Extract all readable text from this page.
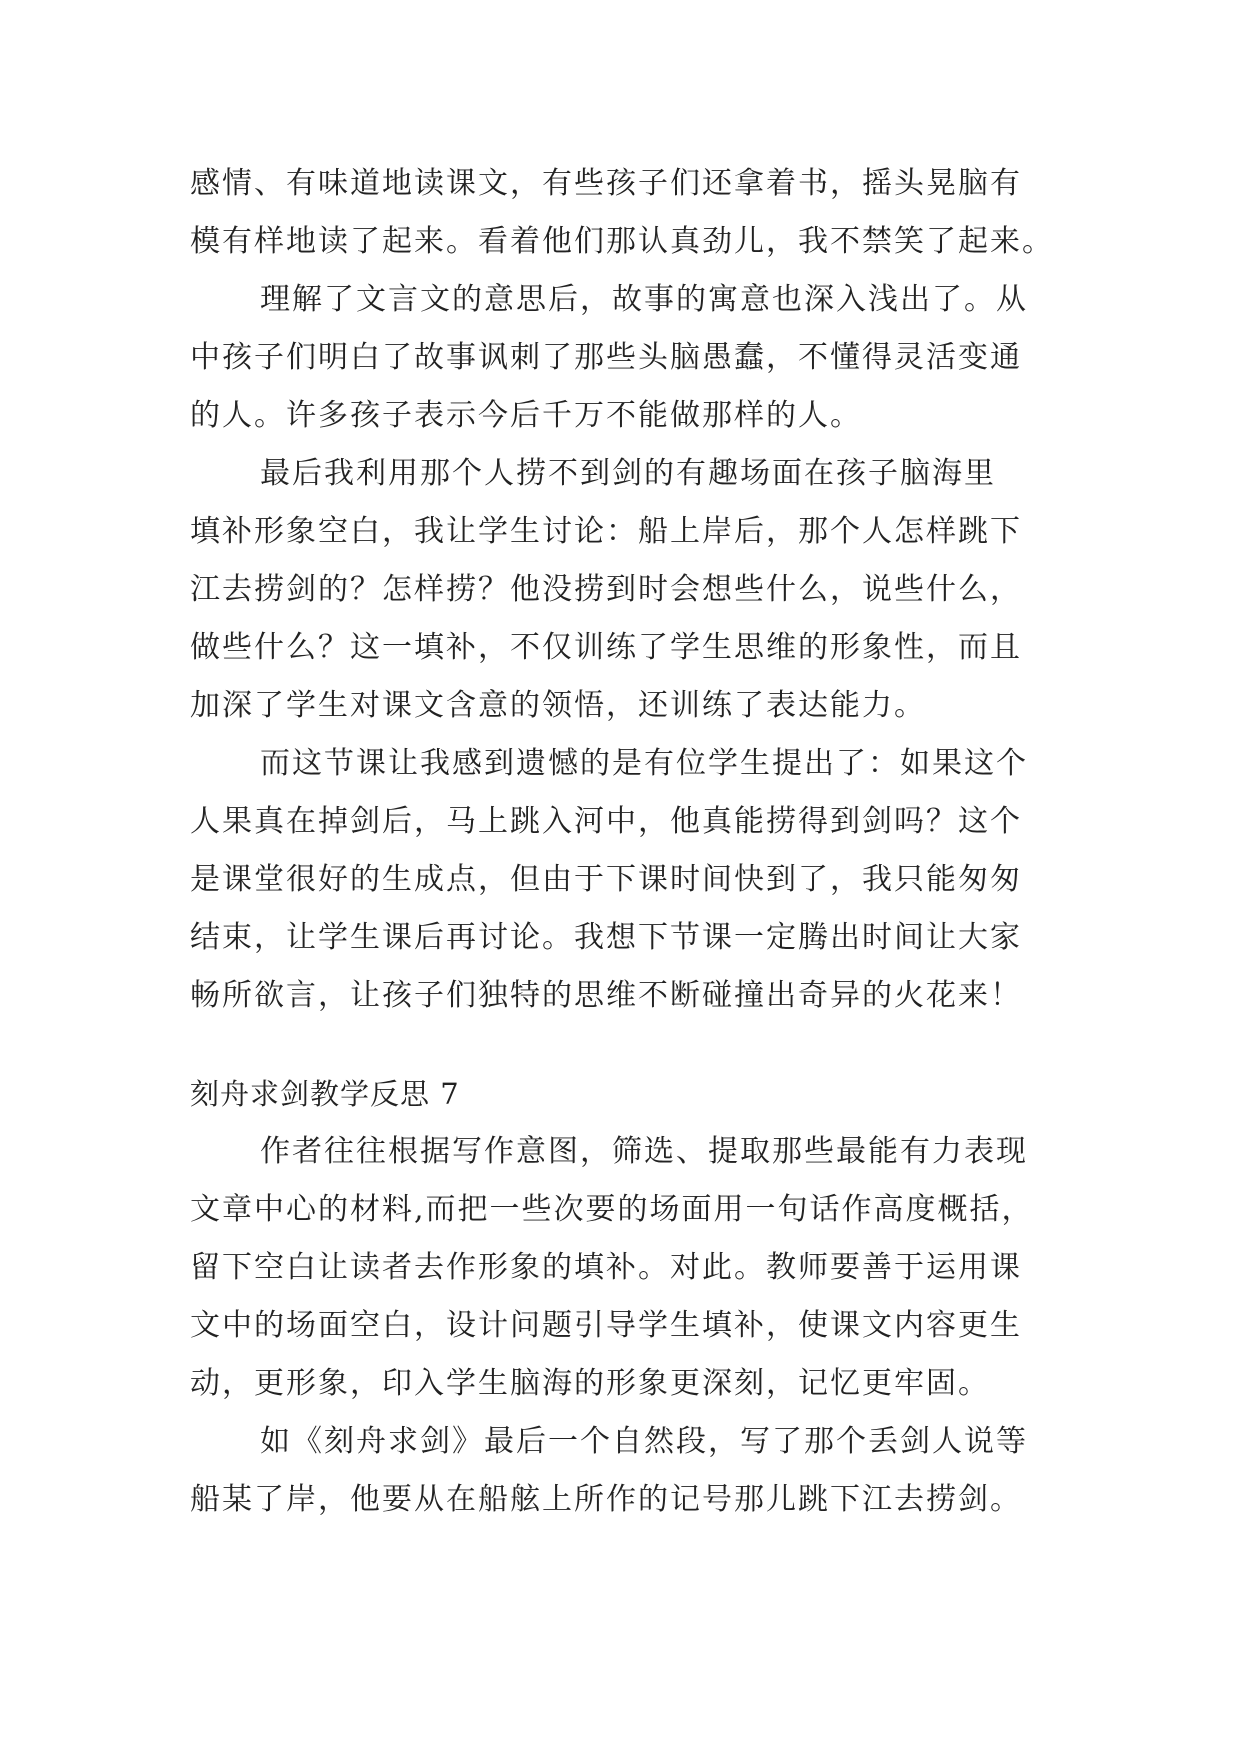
感情、有味道地读课文，有些孩子们还拿着书，摇头晃脑有
模有样地读了起来。看着他们那认真劲儿，我不禁笑了起来。
理解了文言文的意思后，故事的寓意也深入浅出了。从
中孩子们明白了故事讽刺了那些头脑愚蠢，不懂得灵活变通
的人。许多孩子表示今后千万不能做那样的人。
最后我利用那个人捞不到剑的有趣场面在孩子脑海里
填补形象空白，我让学生讨论：船上岸后，那个人怎样跳下
江去捞剑的？怎样捞？他没捞到时会想些什么，说些什么，
做些什么？这一填补，不仅训练了学生思维的形象性，而且
加深了学生对课文含意的领悟，还训练了表达能力。
而这节课让我感到遗憾的是有位学生提出了：如果这个
人果真在掉剑后，马上跳入河中，他真能捞得到剑吗？这个
是课堂很好的生成点，但由于下课时间快到了，我只能匆匆
结束，让学生课后再讨论。我想下节课一定腾出时间让大家
畅所欲言，让孩子们独特的思维不断碰撞出奇异的火花来！
刻舟求剑教学反思 7
作者往往根据写作意图，筛选、提取那些最能有力表现
文章中心的材料,而把一些次要的场面用一句话作高度概括，
留下空白让读者去作形象的填补。对此。教师要善于运用课
文中的场面空白，设计问题引导学生填补，使课文内容更生
动，更形象，印入学生脑海的形象更深刻，记忆更牢固。
如《刻舟求剑》最后一个自然段，写了那个丢剑人说等
船某了岸，他要从在船舷上所作的记号那儿跳下江去捞剑。
